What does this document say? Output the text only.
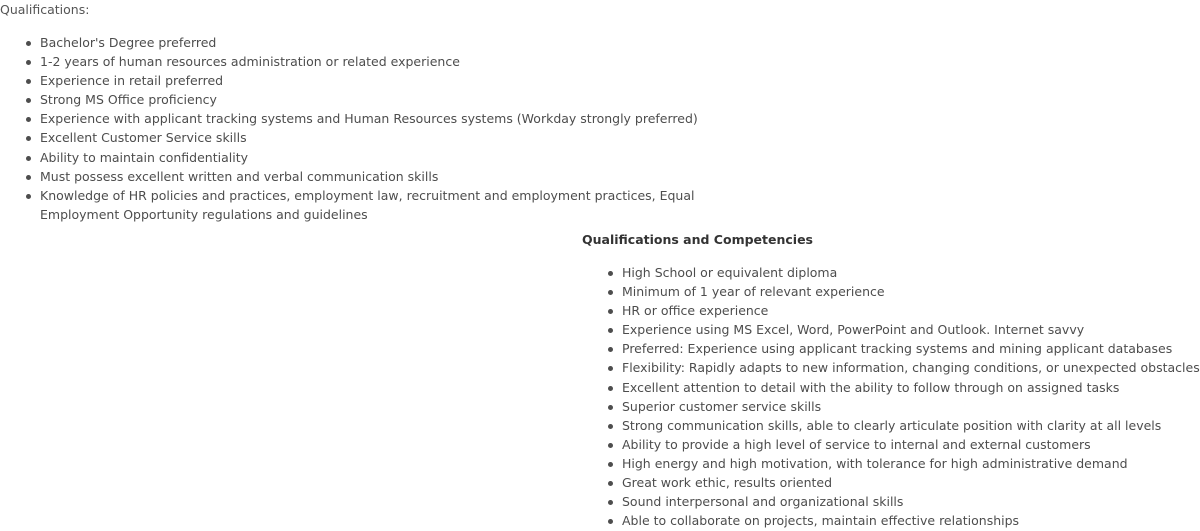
Qualifications:

Bachelor's Degree preferred
1-2 years of human resources administration or related experience
Experience in retail preferred
Strong MS Office proficiency
Experience with applicant tracking systems and Human Resources systems (Workday strongly preferred)
Excellent Customer Service skills
Ability to maintain confidentiality
Must possess excellent written and verbal communication skills
Knowledge of HR policies and practices, employment law, recruitment and employment practices, Equal Employment Opportunity regulations and guidelines

Qualifications and Competencies

High School or equivalent diploma
Minimum of 1 year of relevant experience
HR or office experience
Experience using MS Excel, Word, PowerPoint and Outlook. Internet savvy
Preferred: Experience using applicant tracking systems and mining applicant databases
Flexibility: Rapidly adapts to new information, changing conditions, or unexpected obstacles
Excellent attention to detail with the ability to follow through on assigned tasks
Superior customer service skills
Strong communication skills, able to clearly articulate position with clarity at all levels
Ability to provide a high level of service to internal and external customers
High energy and high motivation, with tolerance for high administrative demand
Great work ethic, results oriented
Sound interpersonal and organizational skills
Able to collaborate on projects, maintain effective relationships
